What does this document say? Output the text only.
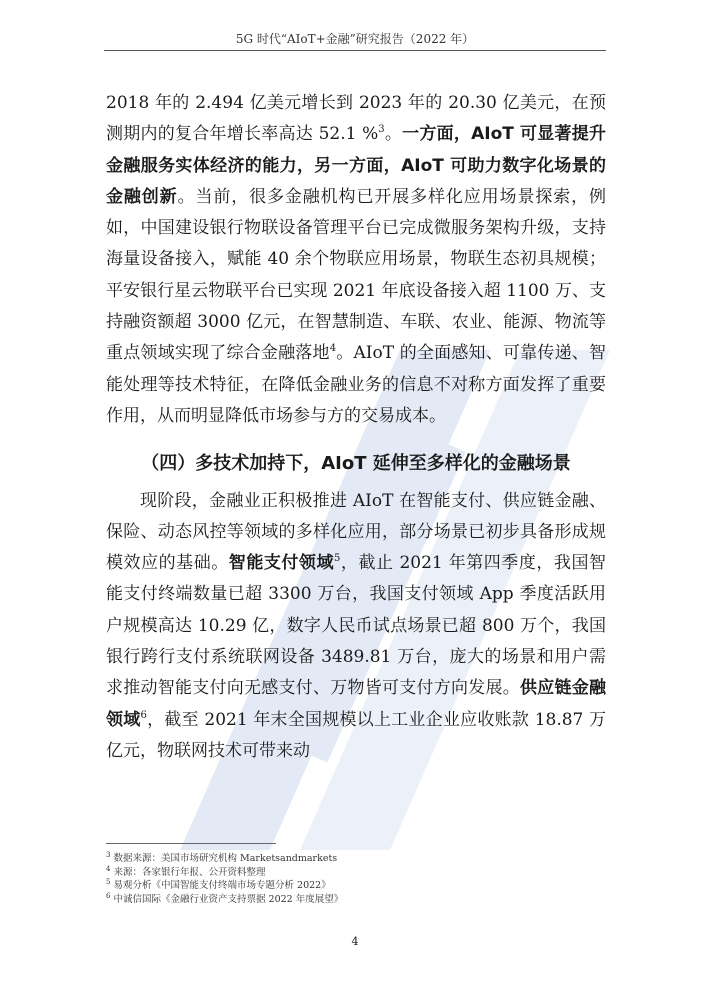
5G 时代“AIoT+金融”研究报告（2022 年）

2018 年的 2.494 亿美元增长到 2023 年的 20.30 亿美元，在预测期内的复合年增长率高达 52.1 %$^3$。一方面，AIoT 可显著提升金融服务实体经济的能力，另一方面，AIoT 可助力数字化场景的金融创新。当前，很多金融机构已开展多样化应用场景探索，例如，中国建设银行物联设备管理平台已完成微服务架构升级，支持海量设备接入，赋能 40 余个物联应用场景，物联生态初具规模；平安银行星云物联平台已实现 2021 年底设备接入超 1100 万、支持融资额超 3000 亿元，在智慧制造、车联、农业、能源、物流等重点领域实现了综合金融落地$^4$。AIoT 的全面感知、可靠传递、智能处理等技术特征，在降低金融业务的信息不对称方面发挥了重要作用，从而明显降低市场参与方的交易成本。

（四）多技术加持下，AIoT 延伸至多样化的金融场景

现阶段，金融业正积极推进 AIoT 在智能支付、供应链金融、保险、动态风控等领域的多样化应用，部分场景已初步具备形成规模效应的基础。智能支付领域$^5$，截止 2021 年第四季度，我国智能支付终端数量已超 3300 万台，我国支付领域 App 季度活跃用户规模高达 10.29 亿，数字人民币试点场景已超 800 万个，我国银行跨行支付系统联网设备 3489.81 万台，庞大的场景和用户需求推动智能支付向无感支付、万物皆可支付方向发展。供应链金融领域$^6$，截至 2021 年末全国规模以上工业企业应收账款 18.87 万亿元，物联网技术可带来动

$^3$ 数据来源：美国市场研究机构 Marketsandmarkets
$^4$ 来源：各家银行年报、公开资料整理
$^5$ 易观分析《中国智能支付终端市场专题分析 2022》
$^6$ 中诚信国际《金融行业资产支持票据 2022 年度展望》
4
